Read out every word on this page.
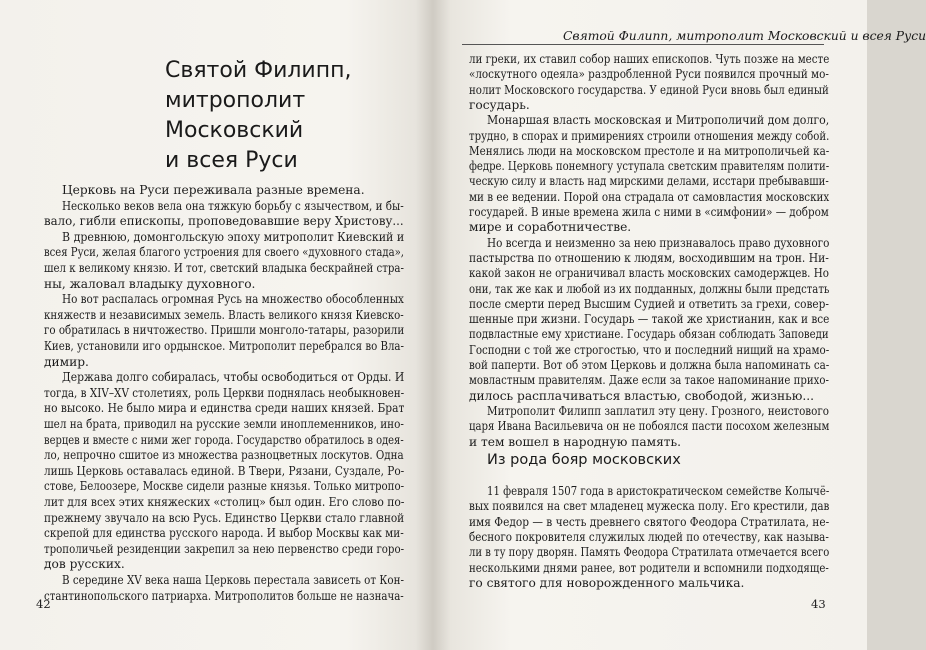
Святой Филипп,
митрополит
Московский
и всея Руси
Церковь на Руси переживала разные времена.
Несколько веков вела она тяжкую борьбу с язычеством, и бы-
вало, гибли епископы, проповедовавшие веру Христову...
В древнюю, домонгольскую эпоху митрополит Киевский и
всея Руси, желая благого устроения для своего «духовного стада»,
шел к великому князю. И тот, светский владыка бескрайней стра-
ны, жаловал владыку духовного.
Но вот распалась огромная Русь на множество обособленных
княжеств и независимых земель. Власть великого князя Киевско-
го обратилась в ничтожество. Пришли монголо-татары, разорили
Киев, установили иго ордынское. Митрополит перебрался во Вла-
димир.
Держава долго собиралась, чтобы освободиться от Орды. И
тогда, в XIV–XV столетиях, роль Церкви поднялась необыкновен-
но высоко. Не было мира и единства среди наших князей. Брат
шел на брата, приводил на русские земли иноплеменников, ино-
верцев и вместе с ними жег города. Государство обратилось в одея-
ло, непрочно сшитое из множества разноцветных лоскутов. Одна
лишь Церковь оставалась единой. В Твери, Рязани, Суздале, Ро-
стове, Белоозере, Москве сидели разные князья. Только митропо-
лит для всех этих княжеских «столиц» был один. Его слово по-
прежнему звучало на всю Русь. Единство Церкви стало главной
скрепой для единства русского народа. И выбор Москвы как ми-
трополичьей резиденции закрепил за нею первенство среди горо-
дов русских.
В середине XV века наша Церковь перестала зависеть от Кон-
стантинопольского патриарха. Митрополитов больше не назнача-
42
Святой Филипп, митрополит Московский и всея Руси
ли греки, их ставил собор наших епископов. Чуть позже на месте
«лоскутного одеяла» раздробленной Руси появился прочный мо-
нолит Московского государства. У единой Руси вновь был единый
государь.
Монаршая власть московская и Митрополичий дом долго,
трудно, в спорах и примирениях строили отношения между собой.
Менялись люди на московском престоле и на митрополичьей ка-
федре. Церковь понемногу уступала светским правителям полити-
ческую силу и власть над мирскими делами, исстари пребывавши-
ми в ее ведении. Порой она страдала от самовластия московских
государей. В иные времена жила с ними в «симфонии» — добром
мире и соработничестве.
Но всегда и неизменно за нею признавалось право духовного
пастырства по отношению к людям, восходившим на трон. Ни-
какой закон не ограничивал власть московских самодержцев. Но
они, так же как и любой из их подданных, должны были предстать
после смерти перед Высшим Судией и ответить за грехи, совер-
шенные при жизни. Государь — такой же христианин, как и все
подвластные ему христиане. Государь обязан соблюдать Заповеди
Господни с той же строгостью, что и последний нищий на храмо-
вой паперти. Вот об этом Церковь и должна была напоминать са-
мовластным правителям. Даже если за такое напоминание прихо-
дилось расплачиваться властью, свободой, жизнью...
Митрополит Филипп заплатил эту цену. Грозного, неистового
царя Ивана Васильевича он не побоялся пасти посохом железным
и тем вошел в народную память.
Из рода бояр московских
11 февраля 1507 года в аристократическом семействе Колычё-
вых появился на свет младенец мужеска полу. Его крестили, дав
имя Федор — в честь древнего святого Феодора Стратилата, не-
бесного покровителя служилых людей по отечеству, как называ-
ли в ту пору дворян. Память Феодора Стратилата отмечается всего
несколькими днями ранее, вот родители и вспомнили подходяще-
го святого для новорожденного мальчика.
43
